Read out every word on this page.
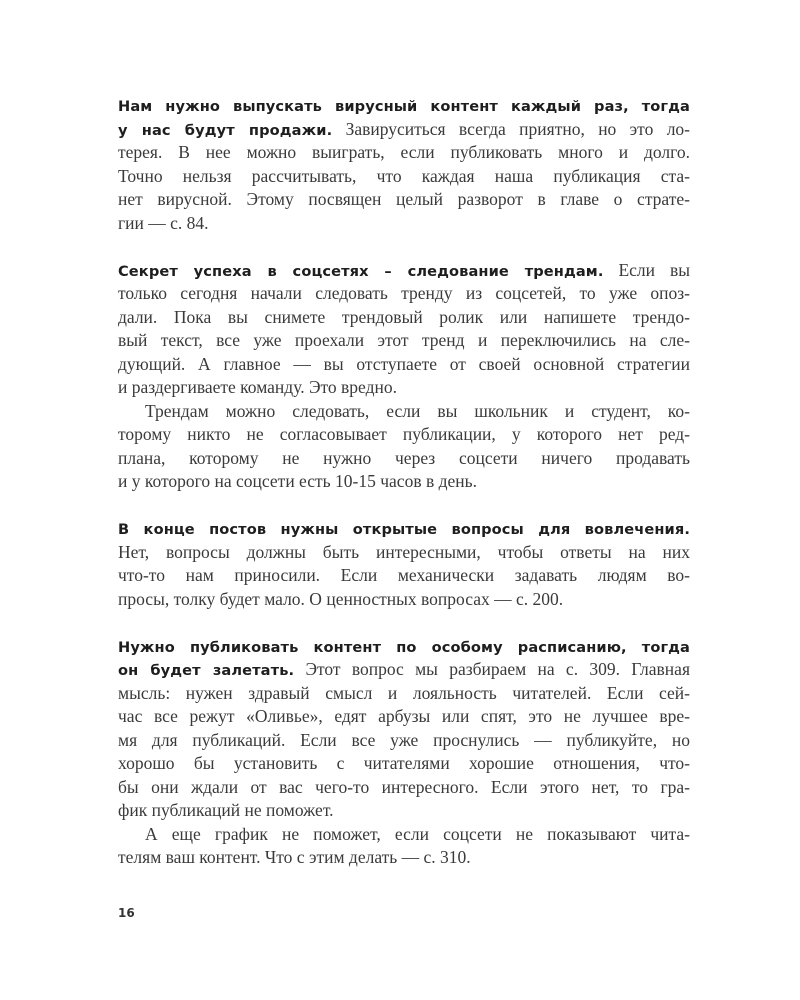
Нам нужно выпускать вирусный контент каждый раз, тогда
у нас будут продажи. Завируситься всегда приятно, но это ло-
терея. В нее можно выиграть, если публиковать много и долго.
Точно нельзя рассчитывать, что каждая наша публикация ста-
нет вирусной. Этому посвящен целый разворот в главе о страте-
гии — с. 84.
Секрет успеха в соцсетях – следование трендам. Если вы
только сегодня начали следовать тренду из соцсетей, то уже опоз-
дали. Пока вы снимете трендовый ролик или напишете трендо-
вый текст, все уже проехали этот тренд и переключились на сле-
дующий. А главное — вы отступаете от своей основной стратегии
и раздергиваете команду. Это вредно.
Трендам можно следовать, если вы школьник и студент, ко-
торому никто не согласовывает публикации, у которого нет ред-
плана, которому не нужно через соцсети ничего продавать
и у которого на соцсети есть 10-15 часов в день.
В конце постов нужны открытые вопросы для вовлечения.
Нет, вопросы должны быть интересными, чтобы ответы на них
что-то нам приносили. Если механически задавать людям во-
просы, толку будет мало. О ценностных вопросах — с. 200.
Нужно публиковать контент по особому расписанию, тогда
он будет залетать. Этот вопрос мы разбираем на с. 309. Главная
мысль: нужен здравый смысл и лояльность читателей. Если сей-
час все режут «Оливье», едят арбузы или спят, это не лучшее вре-
мя для публикаций. Если все уже проснулись — публикуйте, но
хорошо бы установить с читателями хорошие отношения, что-
бы они ждали от вас чего-то интересного. Если этого нет, то гра-
фик публикаций не поможет.
А еще график не поможет, если соцсети не показывают чита-
телям ваш контент. Что с этим делать — с. 310.
16
